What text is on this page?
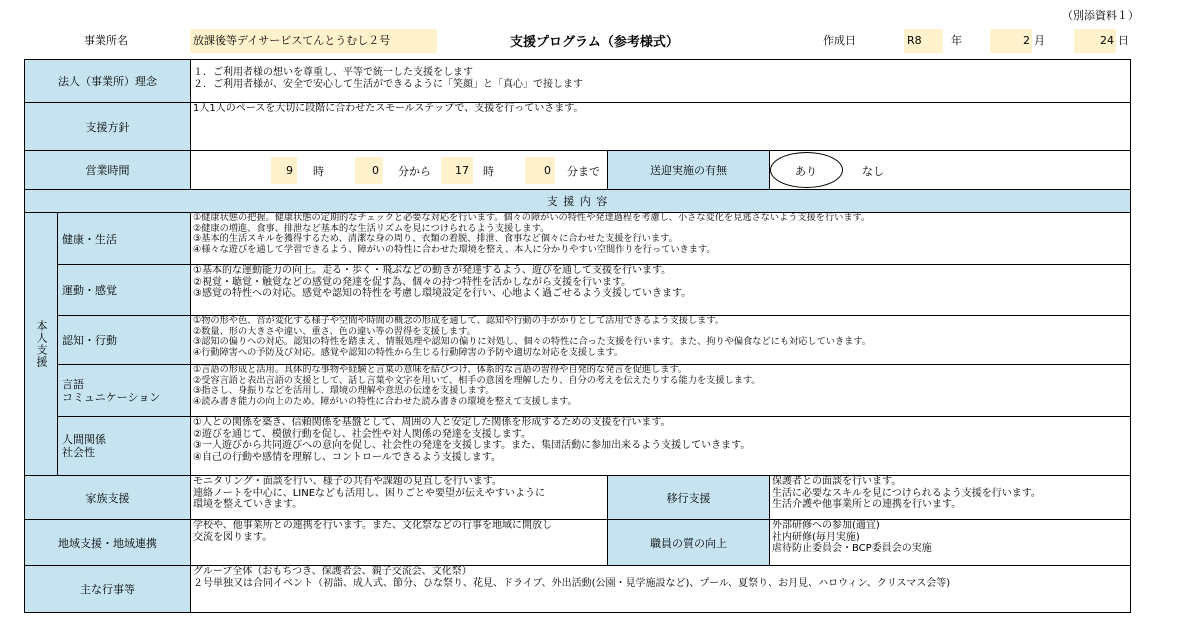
（別添資料１）
事業所名	放課後等デイサービスてんとうむし２号	支援プログラム（参考様式）	作成日	R8	年	2 月	24 日
法人（事業所）理念
１．ご利用者様の想いを尊重し、平等で統一した支援をします
２．ご利用者様が、安全で安心して生活ができるように「笑顔」と「真心」で接します
支援方針
1人1人のペースを大切に段階に合わせたスモールステップで、支援を行っていさます。
営業時間	9	時	0	分から	17	時	0	分まで	送迎実施の有無	あり	なし
支 援 内 容
本人支援
健康・生活
①健康状態の把握。健康状態の定期的なチェックと必要な対応を行います。個々の障がいの特性や発達過程を考慮し、小さな変化を見逃さないよう支援を行います。
②健康の増進、食事、排泄など基本的な生活リズムを見につけられるよう支援します。
③基本的生活スキルを獲得するため、清潔な身の周り、衣類の着脱、排泄、食事など個々に合わせた支援を行います。
④様々な遊びを通して学習できるよう、障がいの特性に合わせた環境を整え、本人に分かりやすい空間作りを行っていきます。
運動・感覚
①基本的な運動能力の向上。走る・歩く・飛ぶなどの動きが発達するよう、遊びを通して支援を行います。
②視覚・聴覚・触覚などの感覚の発達を促す為、個々の持つ特性を活かしながら支援を行います。
③感覚の特性への対応。感覚や認知の特性を考慮し環境設定を行い、心地よく過ごせるよう支援していきます。
認知・行動
①物の形や色、音が変化する様子や空間や時間の概念の形成を通して、認知や行動の手がかりとして活用できるよう支援します。
②数量、形の大きさや違い、重さ、色の違い等の習得を支援します。
③認知の偏りへの対応。認知の特性を踏まえ、情報処理や認知の偏りに対処し、個々の特性に合った支援を行います。また、拘りや偏食などにも対応していきます。
④行動障害への予防及び対応。感覚や認知の特性から生じる行動障害の予防や適切な対応を支援します。
言語
コミュニケーション
①言語の形成と活用。具体的な事物や経験と言葉の意味を結びつけ、体系的な言語の習得や自発的な発言を促進します。
②受容言語と表出言語の支援として、話し言葉や文字を用いて、相手の意図を理解したり、自分の考えを伝えたりする能力を支援します。
③指さし、身振りなどを活用し、環境の理解や意思の伝達を支援します。
④読み書き能力の向上のため、障がいの特性に合わせた読み書きの環境を整えて支援します。
人間関係
社会性
①人との関係を築き、信頼関係を基盤として、周囲の人と安定した関係を形成するための支援を行います。
②遊びを通じて、模倣行動を促し、社会性や対人関係の発達を支援します。
③一人遊びから共同遊びへの意向を促し、社会性の発達を支援します。また、集団活動に参加出来るよう支援していきます。
④自己の行動や感情を理解し、コントロールできるよう支援します。
家族支援
モニタリング・面談を行い、様子の共有や課題の見直しを行います。
連絡ノートを中心に、LINEなども活用し、困りごとや要望が伝えやすいように
環境を整えていきます。
移行支援
保護者との面談を行います。
生活に必要なスキルを見につけられるよう支援を行います。
生活介護や他事業所との連携を行います。
地域支援・地域連携
学校や、他事業所との連携を行います。また、文化祭などの行事を地域に開放し
交流を図ります。	職員の質の向上
外部研修への参加(適宜)
社内研修(毎月実施)
虐待防止委員会・BCP委員会の実施
主な行事等
グループ全体（おもちつき、保護者会、親子交流会、文化祭）
２号単独又は合同イベント（初詣、成人式、節分、ひな祭り、花見、ドライブ、外出活動(公園・見学施設など)、プール、夏祭り、お月見、ハロウィン、クリスマス会等)
